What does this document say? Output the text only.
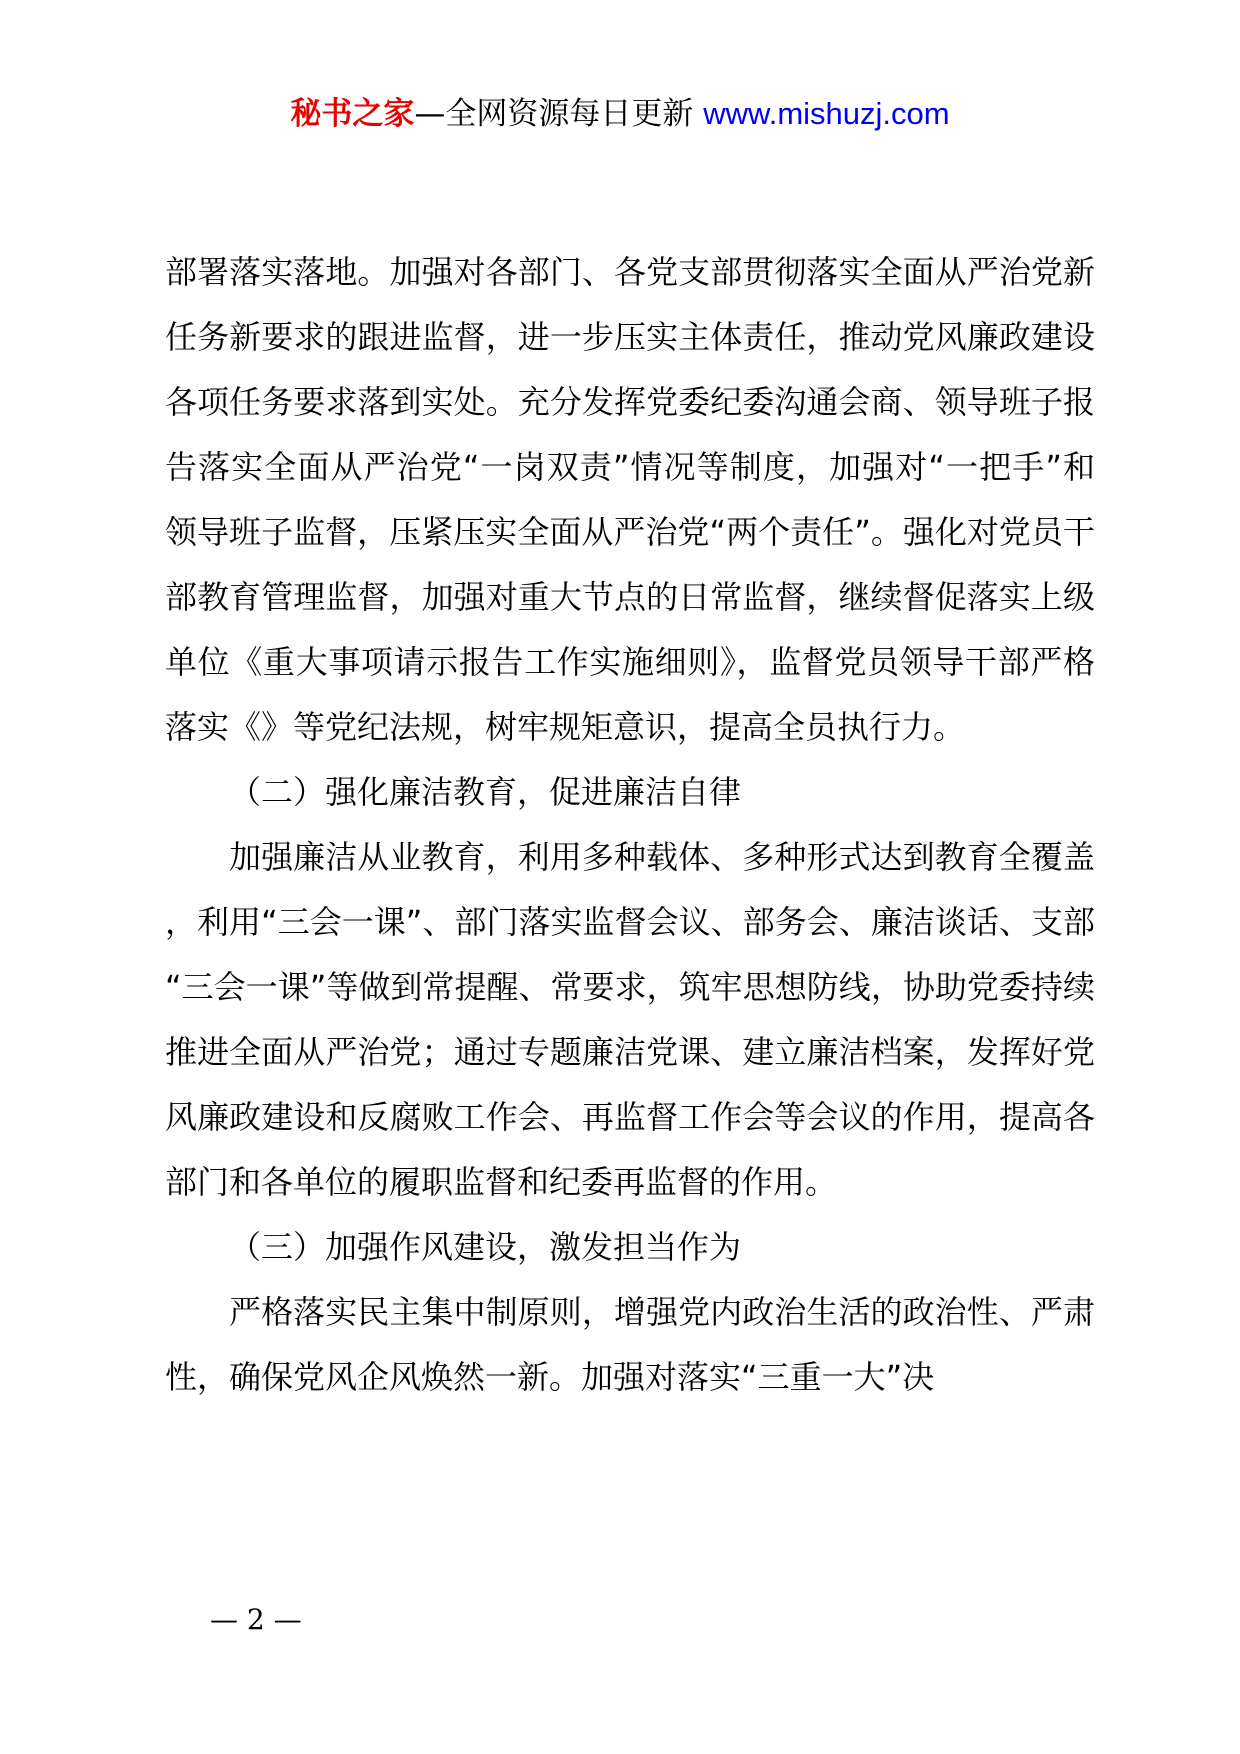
秘书之家—全网资源每日更新 www.mishuzj.com

部署落实落地。加强对各部门、各党支部贯彻落实全面从严治党新任务新要求的跟进监督，进一步压实主体责任，推动党风廉政建设各项任务要求落到实处。充分发挥党委纪委沟通会商、领导班子报告落实全面从严治党“一岗双责”情况等制度，加强对“一把手”和领导班子监督，压紧压实全面从严治党“两个责任”。强化对党员干部教育管理监督，加强对重大节点的日常监督，继续督促落实上级单位《重大事项请示报告工作实施细则》，监督党员领导干部严格落实《》等党纪法规，树牢规矩意识，提高全员执行力。

（二）强化廉洁教育，促进廉洁自律

加强廉洁从业教育，利用多种载体、多种形式达到教育全覆盖，利用“三会一课”、部门落实监督会议、部务会、廉洁谈话、支部“三会一课”等做到常提醒、常要求，筑牢思想防线，协助党委持续推进全面从严治党；通过专题廉洁党课、建立廉洁档案，发挥好党风廉政建设和反腐败工作会、再监督工作会等会议的作用，提高各部门和各单位的履职监督和纪委再监督的作用。

（三）加强作风建设，激发担当作为

严格落实民主集中制原则，增强党内政治生活的政治性、严肃性，确保党风企风焕然一新。加强对落实“三重一大”决

— 2 —
